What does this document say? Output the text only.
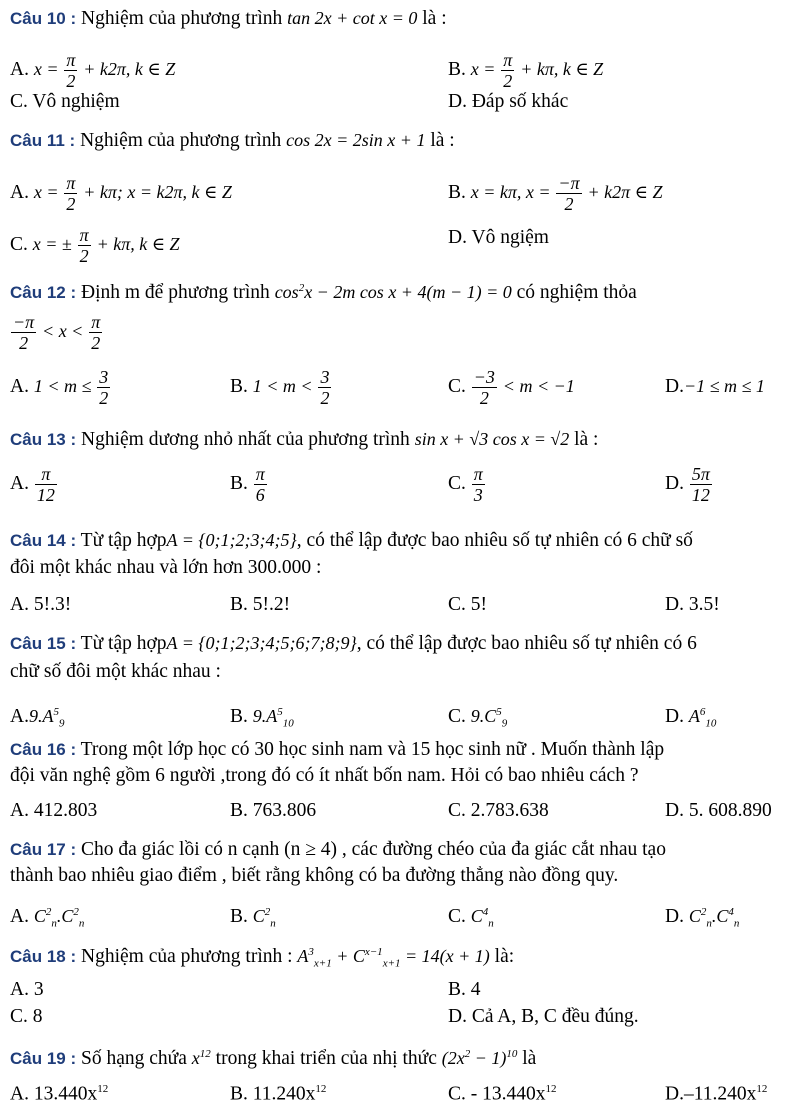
Câu 10 : Nghiệm của phương trình tan 2x + cot x = 0 là :
A. $x = \frac{\pi}{2} + k2\pi$, k ∈ Z	B. $x = \frac{\pi}{2} + k\pi$, k ∈ Z
C. Vô nghiệm	D. Đáp số khác
Câu 11 : Nghiệm của phương trình cos 2x = 2sin x + 1 là :
A. $x = \frac{\pi}{2} + k\pi$; x = k2π, k ∈ Z	B. x = kπ, $x = \frac{-\pi}{2} + k2\pi$ ∈ Z
C. x = ± $\frac{\pi}{2} + k\pi$, k ∈ Z	D. Vô ngiệm
Câu 12 : Định m để phương trình $\cos^2x - 2m$ cos x + 4(m − 1) = 0 có nghiệm thỏa
$\frac{-\pi}{2} < x < \frac{\pi}{2}$
A. $1 < m \le \frac{3}{2}$	B. $1 < m < \frac{3}{2}$	C. $\frac{-3}{2} < m < -1$	D.−1 ≤ m ≤ 1
Câu 13 : Nghiệm dương nhỏ nhất của phương trình sin x + √3 cos x = √2 là :
A. $\frac{\pi}{12}$	B. $\frac{\pi}{6}$	C. $\frac{\pi}{3}$	D. $\frac{5\pi}{12}$
Câu 14 : Từ tập hợpA = {0;1;2;3;4;5}, có thể lập được bao nhiêu số tự nhiên có 6 chữ số
đôi một khác nhau và lớn hơn 300.000 :
A. 5!.3!	B. 5!.2!	C. 5!	D. 3.5!
Câu 15 : Từ tập hợpA = {0;1;2;3;4;5;6;7;8;9}, có thể lập được bao nhiêu số tự nhiên có 6
chữ số đôi một khác nhau :
$A.9.A^5_9$	B. $9.A^5_{10}$	C. $9.C^5_9$	D. $A^6_{10}$
Câu 16 : Trong một lớp học có 30 học sinh nam và 15 học sinh nữ . Muốn thành lập
đội văn nghệ gồm 6 người ,trong đó có ít nhất bốn nam. Hỏi có bao nhiêu cách ?
A. 412.803	B. 763.806	C. 2.783.638	D. 5. 608.890
Câu 17 : Cho đa giác lồi có n cạnh (n ≥ 4) , các đường chéo của đa giác cắt nhau tạo
thành bao nhiêu giao điểm , biết rằng không có ba đường thẳng nào đồng quy.
A. $C^2_n.C^2_n$	B. $C^2_n$	C. $C^4_n$	D. $C^2_n.C^4_n$
Câu 18 : Nghiệm của phương trình : $A^3_{x+1} + C^{x-1}_{x+1} = 14(x + 1)$ là:
A. 3	B. 4
C. 8	D. Cả A, B, C đều đúng.
Câu 19 : Số hạng chứa $x^{12}$ trong khai triển của nhị thức $(2x^2 - 1)^{10}$ là
A. $13.440x^{12}$	B. $11.240x^{12}$	C. - $13.440x^{12}$	$D.-11.240x^{12}$
